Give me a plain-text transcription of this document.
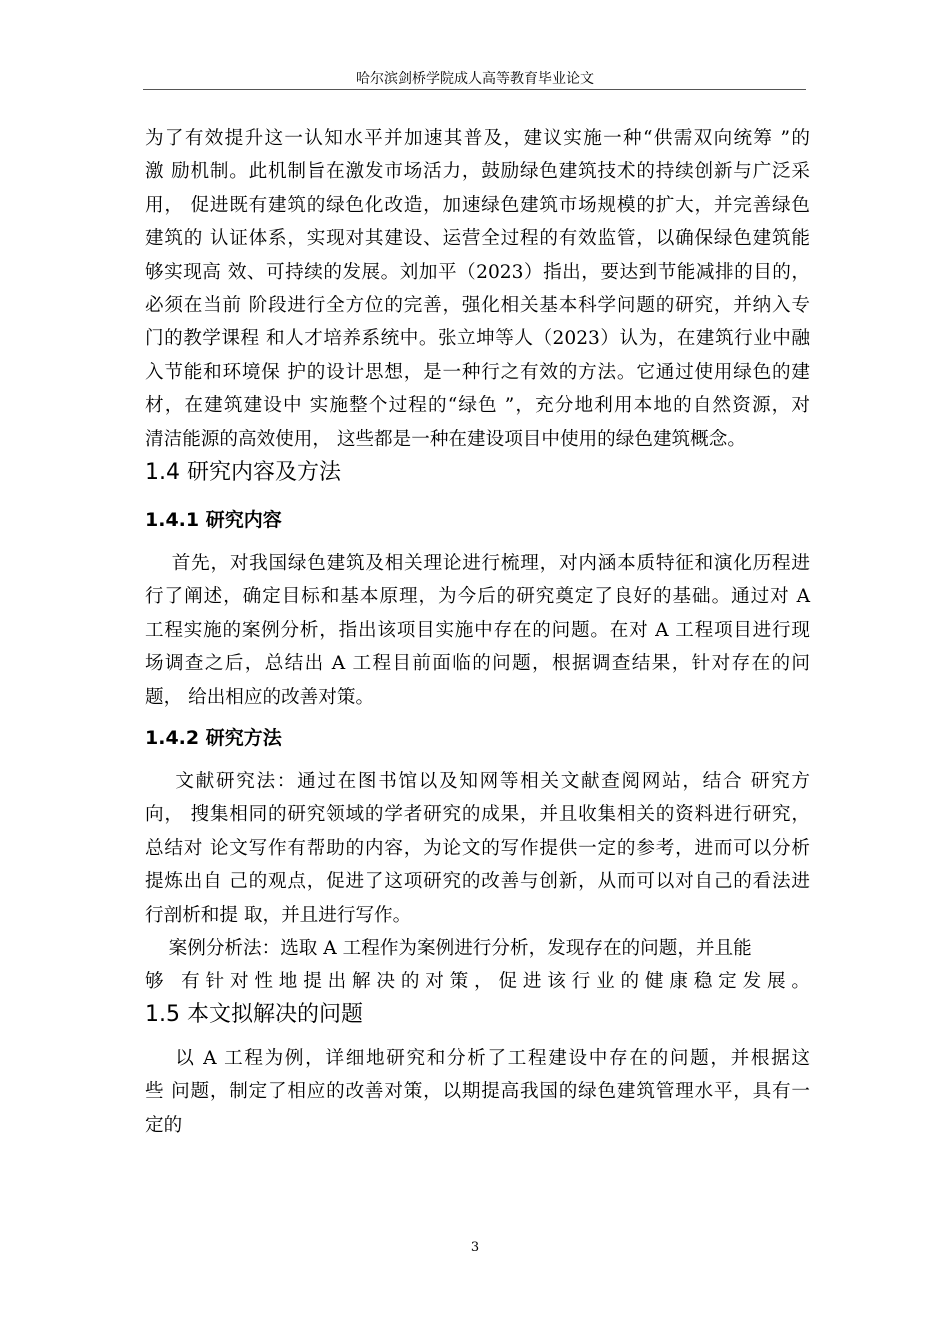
哈尔滨剑桥学院成人高等教育毕业论文
为了有效提升这一认知水平并加速其普及，建议实施一种“供需双向统筹 ”的
激 励机制。此机制旨在激发市场活力，鼓励绿色建筑技术的持续创新与广泛采
用， 促进既有建筑的绿色化改造，加速绿色建筑市场规模的扩大，并完善绿色
建筑的 认证体系，实现对其建设、运营全过程的有效监管，以确保绿色建筑能
够实现高 效、可持续的发展。刘加平（2023）指出，要达到节能减排的目的，
必须在当前 阶段进行全方位的完善，强化相关基本科学问题的研究，并纳入专
门的教学课程 和人才培养系统中。张立坤等人（2023）认为，在建筑行业中融
入节能和环境保 护的设计思想，是一种行之有效的方法。它通过使用绿色的建
材，在建筑建设中 实施整个过程的“绿色 ”，充分地利用本地的自然资源，对
清洁能源的高效使用， 这些都是一种在建设项目中使用的绿色建筑概念。
1.4 研究内容及方法
1.4.1 研究内容
首先，对我国绿色建筑及相关理论进行梳理，对内涵本质特征和演化历程进
行了阐述，确定目标和基本原理，为今后的研究奠定了良好的基础。通过对 A
工程实施的案例分析，指出该项目实施中存在的问题。在对 A 工程项目进行现
场调查之后，总结出 A 工程目前面临的问题，根据调查结果，针对存在的问
题， 给出相应的改善对策。
1.4.2 研究方法
文献研究法：通过在图书馆以及知网等相关文献查阅网站，结合 研究方
向， 搜集相同的研究领域的学者研究的成果，并且收集相关的资料进行研究，
总结对 论文写作有帮助的内容，为论文的写作提供一定的参考，进而可以分析
提炼出自 己的观点，促进了这项研究的改善与创新，从而可以对自己的看法进
行剖析和提 取，并且进行写作。
案例分析法：选取 A 工程作为案例进行分析，发现存在的问题，并且能
够 有针对性地提出解决的对策，促进该行业的健康稳定发展。
1.5 本文拟解决的问题
以 A 工程为例，详细地研究和分析了工程建设中存在的问题，并根据这
些 问题，制定了相应的改善对策，以期提高我国的绿色建筑管理水平，具有一
定的
3
